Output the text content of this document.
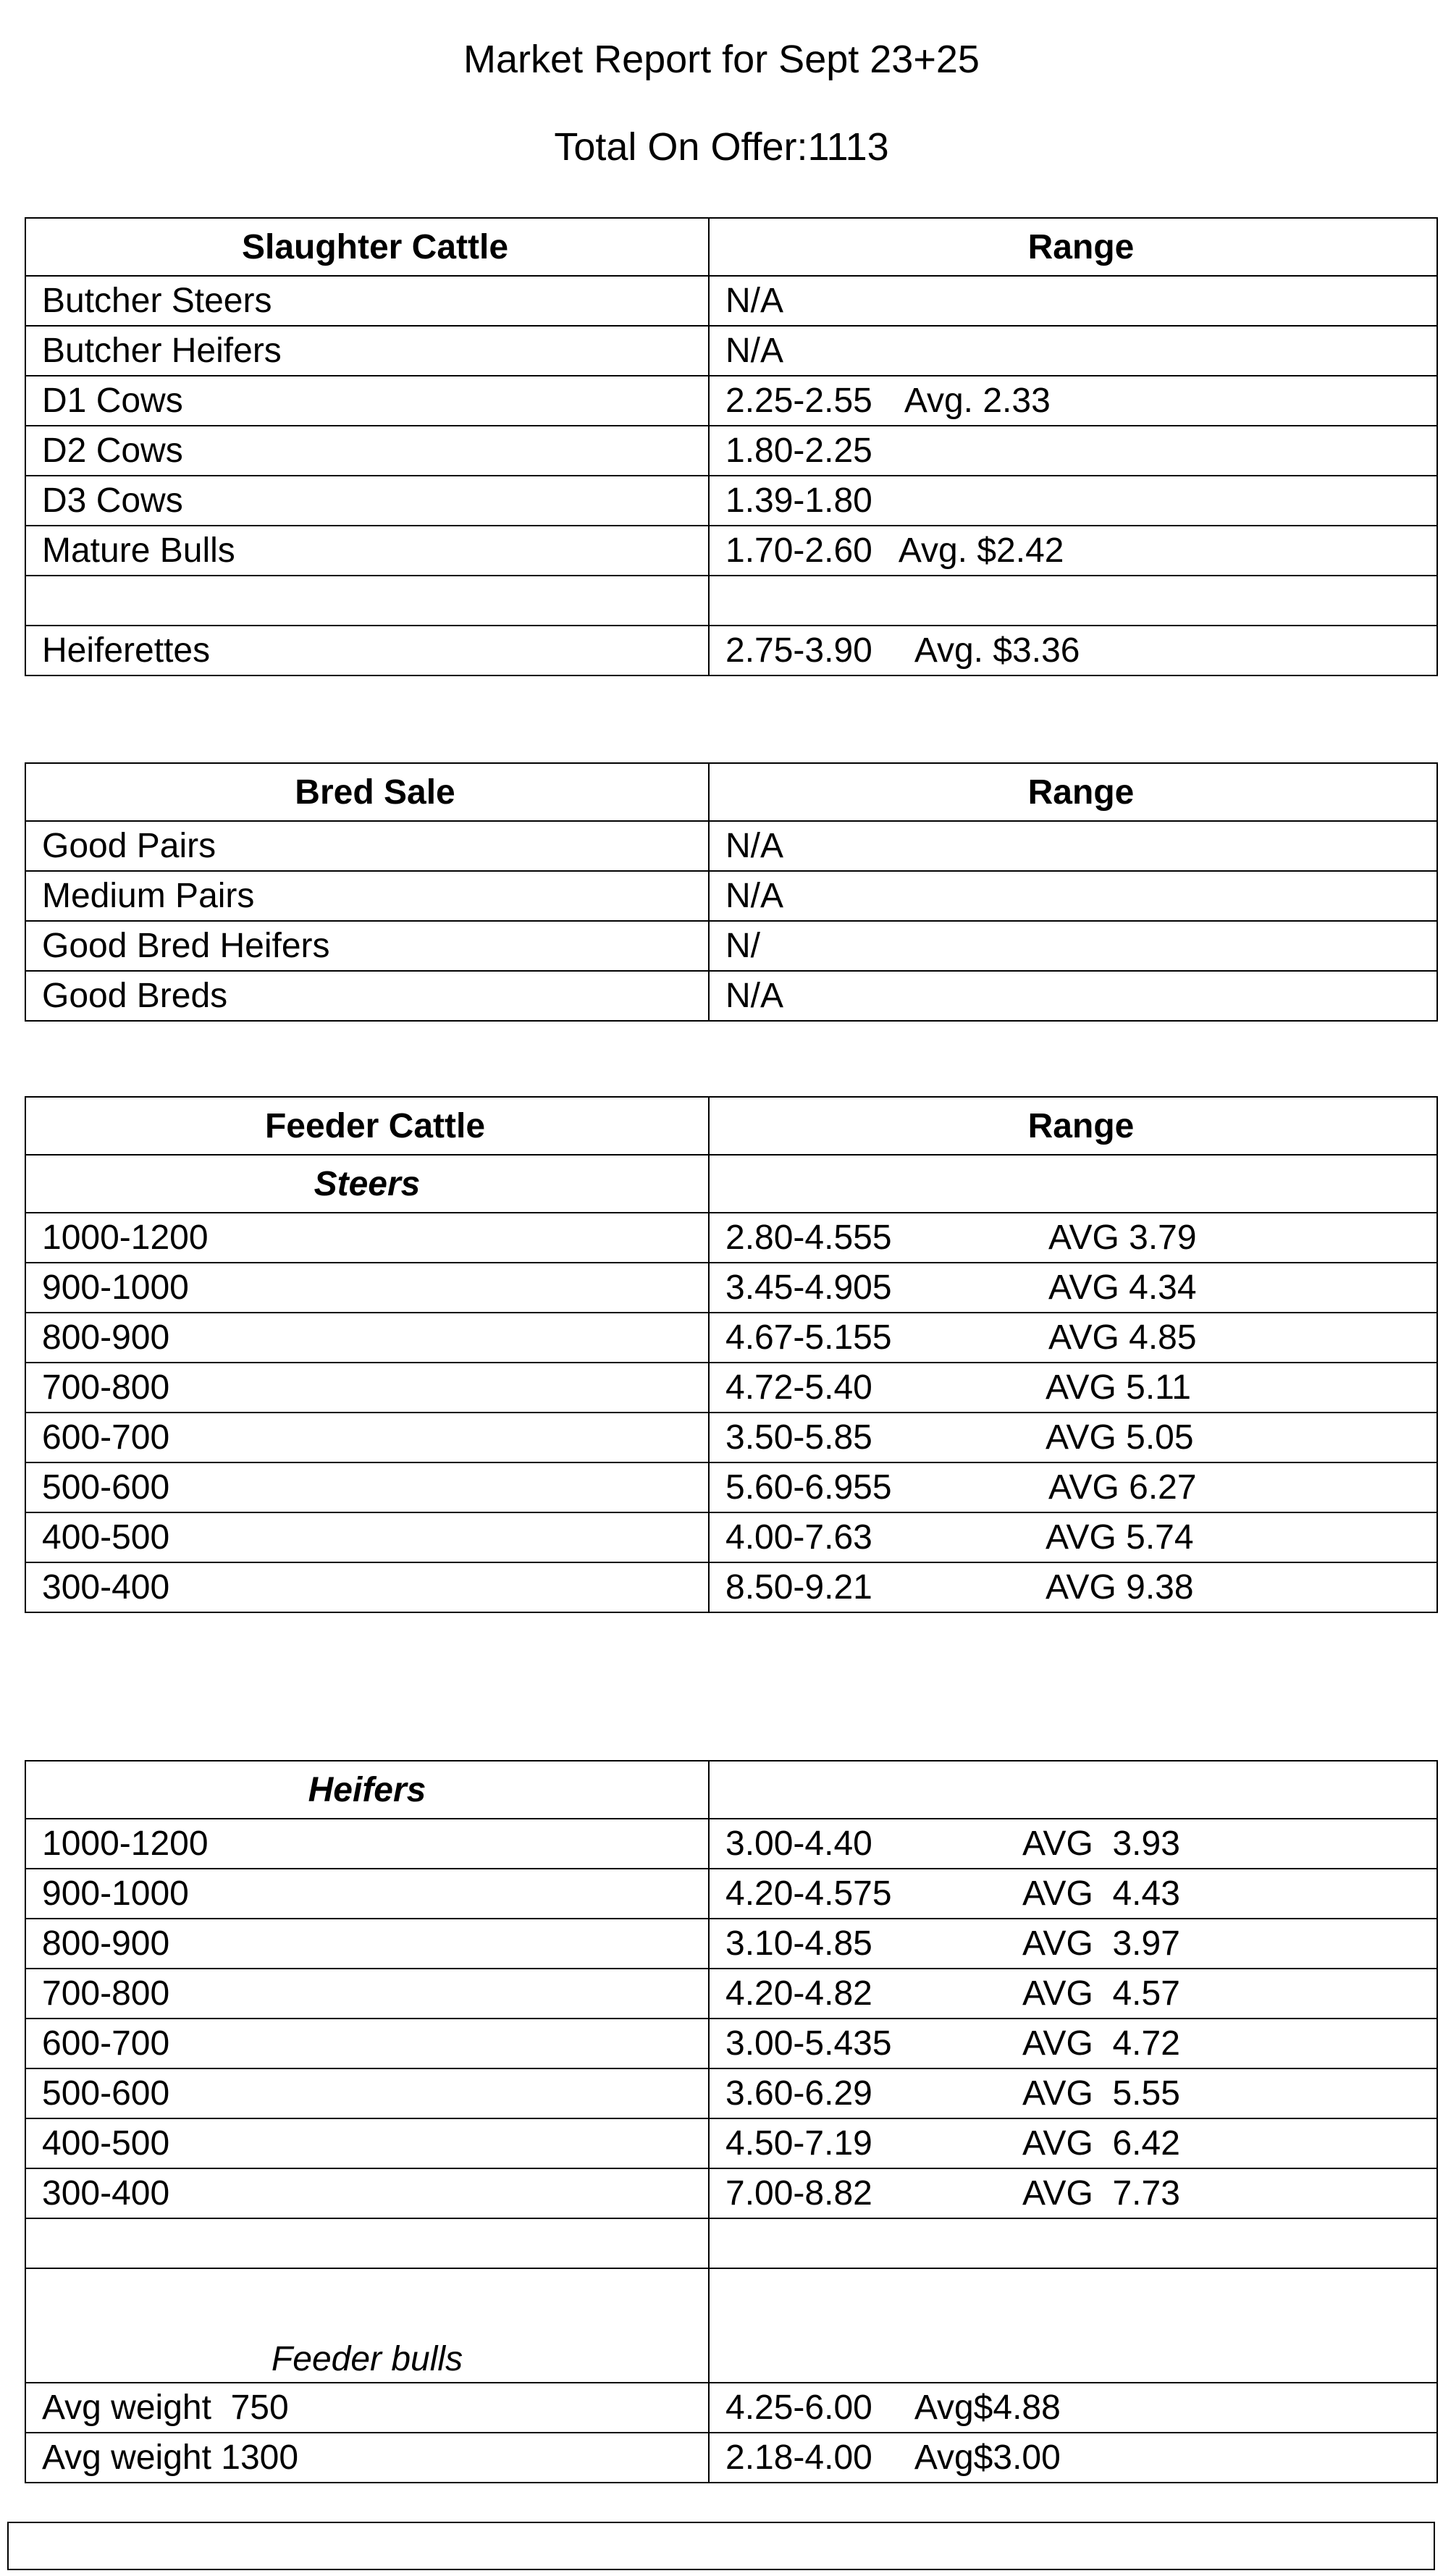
Market Report for Sept 23+25
Total On Offer:1113
Slaughter Cattle	Range
Butcher Steers	N/A
Butcher Heifers	N/A
D1 Cows	2.25-2.55 Avg. 2.33
D2 Cows	1.80-2.25
D3 Cows	1.39-1.80
Mature Bulls	1.70-2.60 Avg. $2.42

Heiferettes	2.75-3.90 Avg. $3.36
Bred Sale	Range
Good Pairs	N/A
Medium Pairs	N/A
Good Bred Heifers	N/
Good Breds	N/A
Feeder Cattle	Range
Steers	
1000-1200	2.80-4.555 AVG 3.79
900-1000	3.45-4.905 AVG 4.34
800-900	4.67-5.155 AVG 4.85
700-800	4.72-5.40 AVG 5.11
600-700	3.50-5.85 AVG 5.05
500-600	5.60-6.955 AVG 6.27
400-500	4.00-7.63 AVG 5.74
300-400	8.50-9.21 AVG 9.38
Heifers	
1000-1200	3.00-4.40 AVG  3.93
900-1000	4.20-4.575 AVG  4.43
800-900	3.10-4.85 AVG  3.97
700-800	4.20-4.82 AVG  4.57
600-700	3.00-5.435 AVG  4.72
500-600	3.60-6.29 AVG  5.55
400-500	4.50-7.19 AVG  6.42
300-400	7.00-8.82 AVG  7.73

Feeder bulls	
Avg weight  750	4.25-6.00 Avg$4.88
Avg weight 1300	2.18-4.00 Avg$3.00
